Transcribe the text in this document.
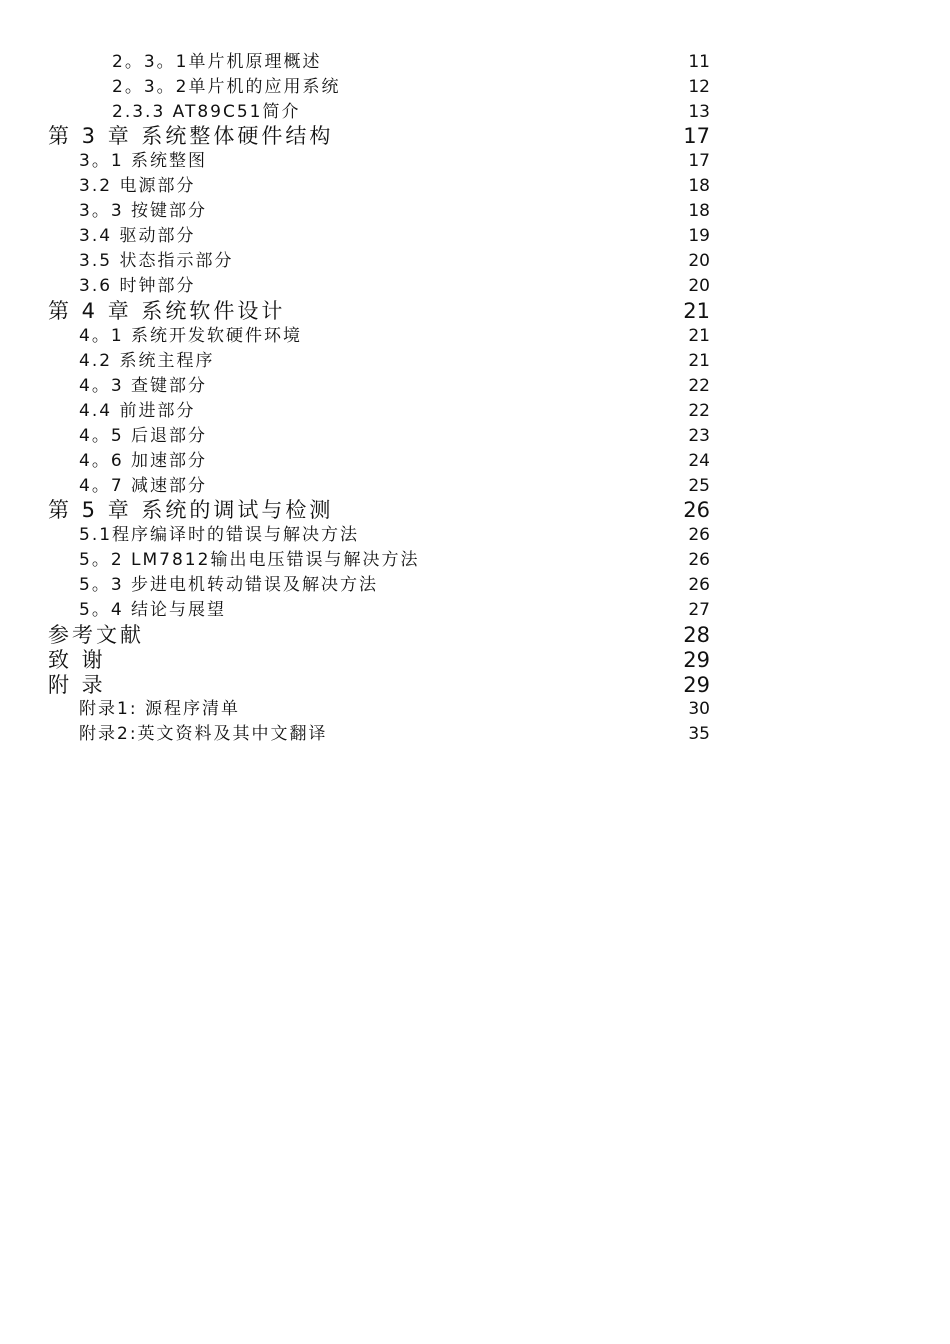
2。3。1单片机原理概述	11
2。3。2单片机的应用系统	12
2.3.3 AT89C51简介	13
第 3 章 系统整体硬件结构	17
3。1 系统整图	17
3.2 电源部分	18
3。3 按键部分	18
3.4 驱动部分	19
3.5 状态指示部分	20
3.6 时钟部分	20
第 4 章 系统软件设计	21
4。1 系统开发软硬件环境	21
4.2 系统主程序	21
4。3 查键部分	22
4.4 前进部分	22
4。5 后退部分	23
4。6 加速部分	24
4。7 减速部分	25
第 5 章 系统的调试与检测	26
5.1程序编译时的错误与解决方法	26
5。2 LM7812输出电压错误与解决方法	26
5。3 步进电机转动错误及解决方法	26
5。4 结论与展望	27
参考文献	28
致 谢	29
附 录	29
附录1: 源程序清单	30
附录2:英文资料及其中文翻译	35
